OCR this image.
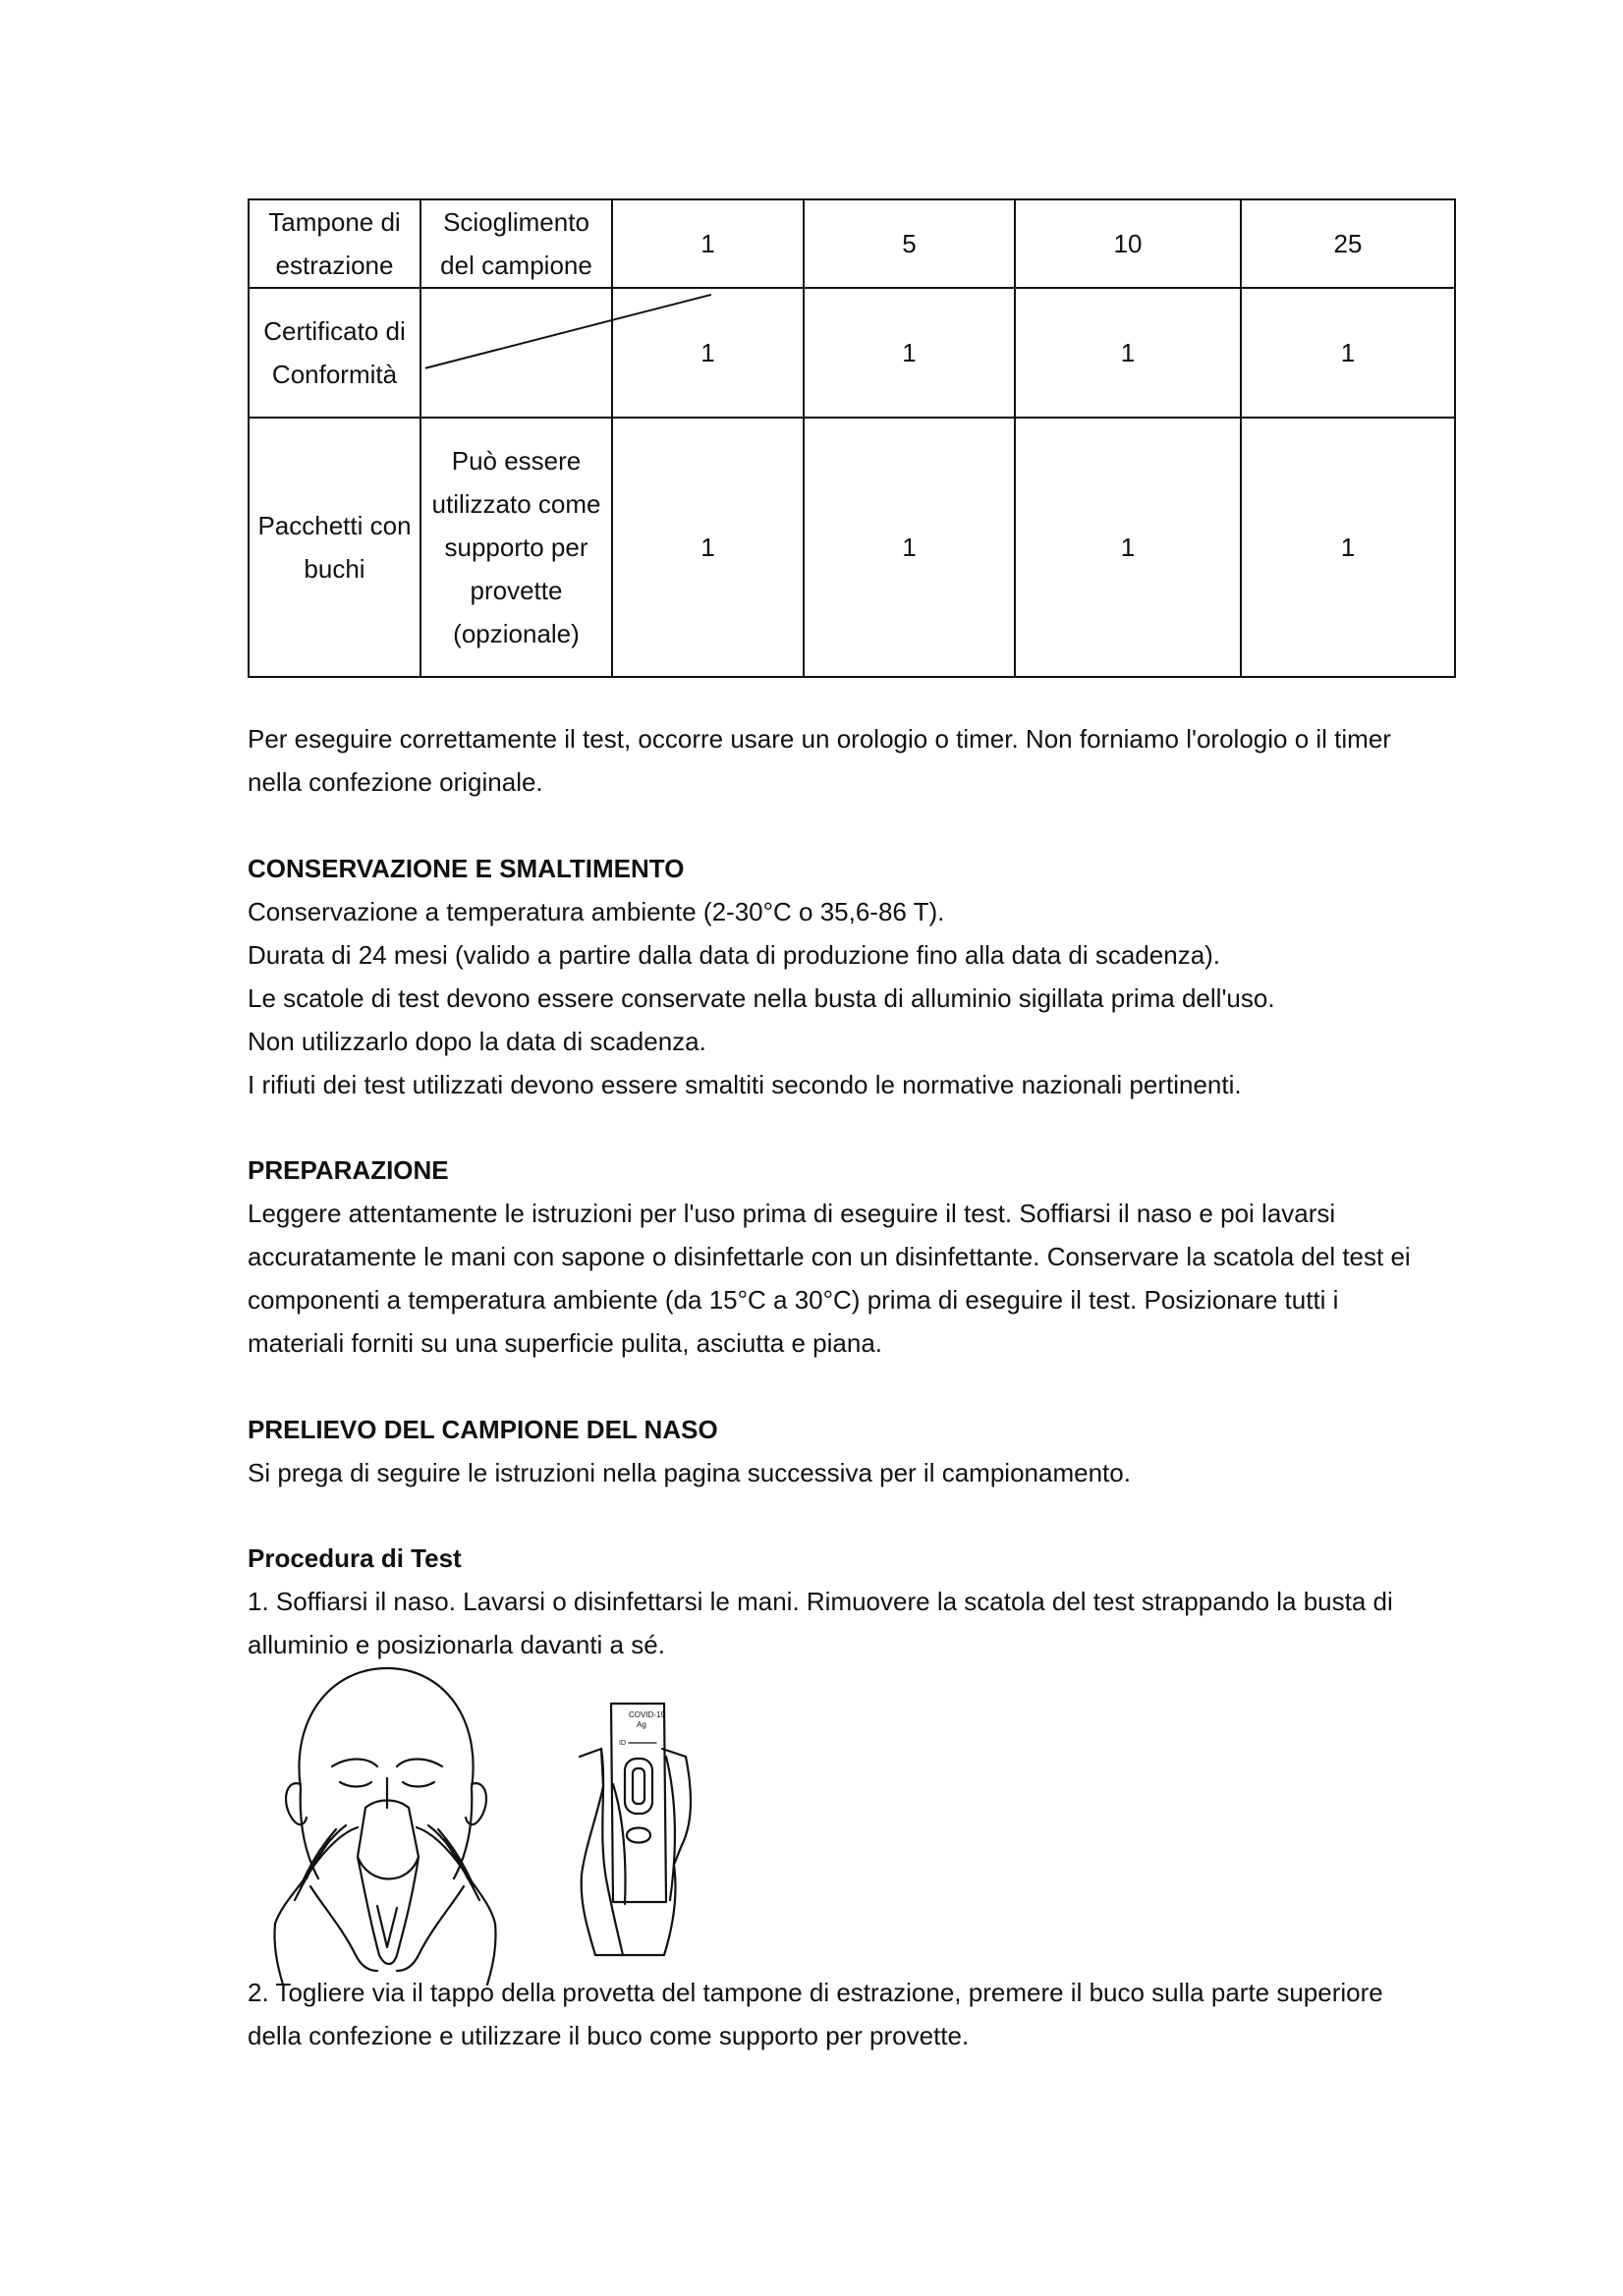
Tampone di estrazione	Scioglimento del campione	1	5	10	25
Certificato di Conformità		1	1	1	1
Pacchetti con buchi	Può essere utilizzato come supporto per provette (opzionale)	1	1	1	1

Per eseguire correttamente il test, occorre usare un orologio o timer. Non forniamo l'orologio o il timer nella confezione originale.

CONSERVAZIONE E SMALTIMENTO

Conservazione a temperatura ambiente (2-30°C o 35,6-86 T).

Durata di 24 mesi (valido a partire dalla data di produzione fino alla data di scadenza).

Le scatole di test devono essere conservate nella busta di alluminio sigillata prima dell'uso.

Non utilizzarlo dopo la data di scadenza.

I rifiuti dei test utilizzati devono essere smaltiti secondo le normative nazionali pertinenti.

PREPARAZIONE

Leggere attentamente le istruzioni per l'uso prima di eseguire il test. Soffiarsi il naso e poi lavarsi accuratamente le mani con sapone o disinfettarle con un disinfettante. Conservare la scatola del test ei componenti a temperatura ambiente (da 15°C a 30°C) prima di eseguire il test. Posizionare tutti i materiali forniti su una superficie pulita, asciutta e piana.

PRELIEVO DEL CAMPIONE DEL NASO

Si prega di seguire le istruzioni nella pagina successiva per il campionamento.

Procedura di Test

1. Soffiarsi il naso. Lavarsi o disinfettarsi le mani. Rimuovere la scatola del test strappando la busta di alluminio e posizionarla davanti a sé.

COVID-19
Ag
ID

2. Togliere via il tappo della provetta del tampone di estrazione, premere il buco sulla parte superiore della confezione e utilizzare il buco come supporto per provette.
